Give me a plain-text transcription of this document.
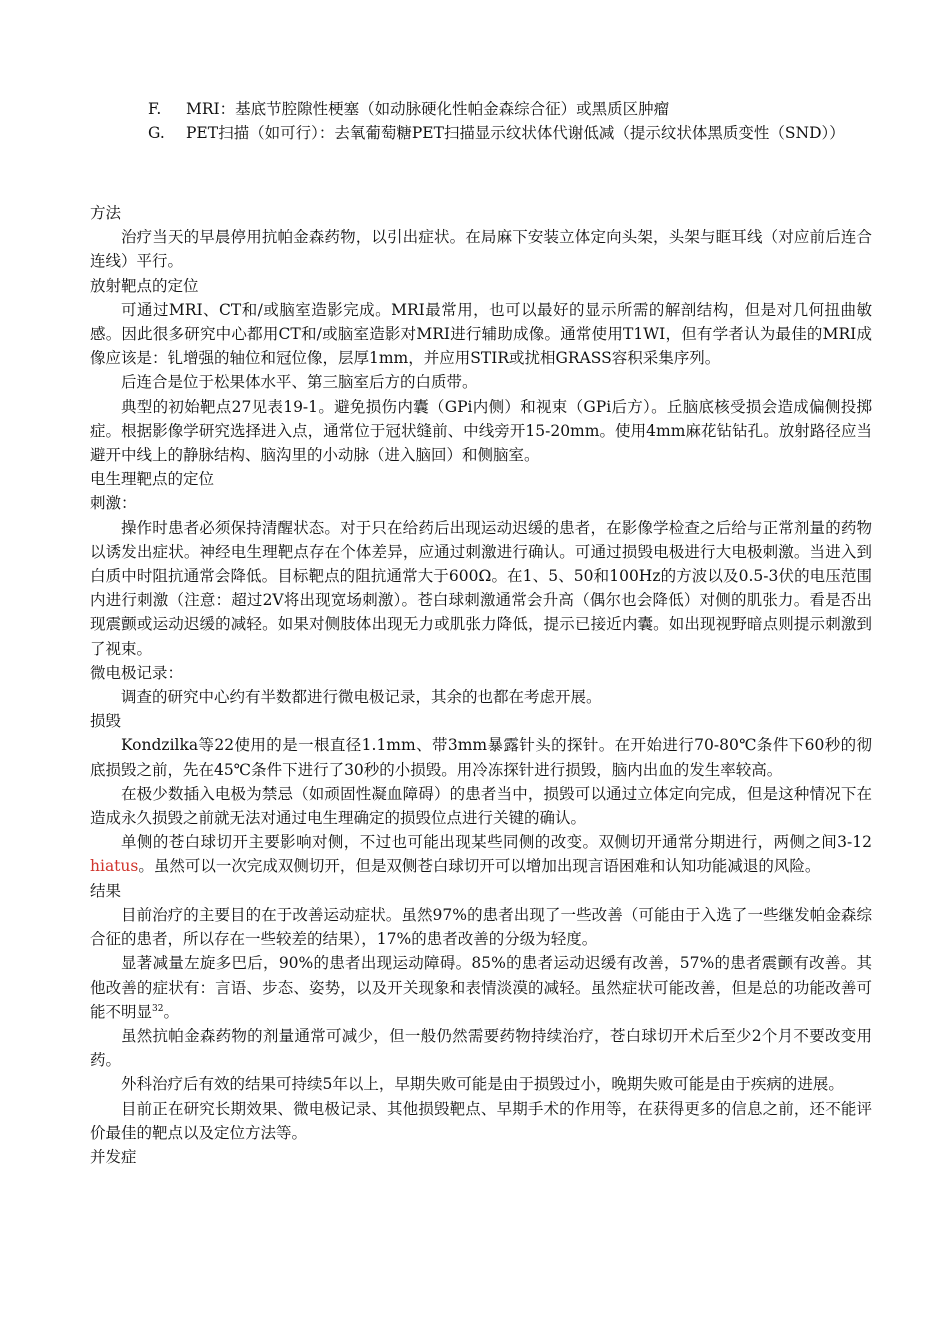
F.	MRI：基底节腔隙性梗塞（如动脉硬化性帕金森综合征）或黑质区肿瘤
G.	PET扫描（如可行）：去氧葡萄糖PET扫描显示纹状体代谢低减（提示纹状体黑质变性（SND））

方法

治疗当天的早晨停用抗帕金森药物，以引出症状。在局麻下安装立体定向头架，头架与眶耳线（对应前后连合连线）平行。

放射靶点的定位

可通过MRI、CT和/或脑室造影完成。MRI最常用，也可以最好的显示所需的解剖结构，但是对几何扭曲敏感。因此很多研究中心都用CT和/或脑室造影对MRI进行辅助成像。通常使用T1WI，但有学者认为最佳的MRI成像应该是：钆增强的轴位和冠位像，层厚1mm，并应用STIR或扰相GRASS容积采集序列。

后连合是位于松果体水平、第三脑室后方的白质带。

典型的初始靶点27见表19-1。避免损伤内囊（GPi内侧）和视束（GPi后方）。丘脑底核受损会造成偏侧投掷症。根据影像学研究选择进入点，通常位于冠状缝前、中线旁开15-20mm。使用4mm麻花钻钻孔。放射路径应当避开中线上的静脉结构、脑沟里的小动脉（进入脑回）和侧脑室。

电生理靶点的定位

刺激：

操作时患者必须保持清醒状态。对于只在给药后出现运动迟缓的患者，在影像学检查之后给与正常剂量的药物以诱发出症状。神经电生理靶点存在个体差异，应通过刺激进行确认。可通过损毁电极进行大电极刺激。当进入到白质中时阻抗通常会降低。目标靶点的阻抗通常大于600Ω。在1、5、50和100Hz的方波以及0.5-3伏的电压范围内进行刺激（注意：超过2V将出现宽场刺激）。苍白球刺激通常会升高（偶尔也会降低）对侧的肌张力。看是否出现震颤或运动迟缓的减轻。如果对侧肢体出现无力或肌张力降低，提示已接近内囊。如出现视野暗点则提示刺激到了视束。

微电极记录：

调查的研究中心约有半数都进行微电极记录，其余的也都在考虑开展。

损毁

Kondzilka等22使用的是一根直径1.1mm、带3mm暴露针头的探针。在开始进行70-80℃条件下60秒的彻底损毁之前，先在45℃条件下进行了30秒的小损毁。用冷冻探针进行损毁，脑内出血的发生率较高。

在极少数插入电极为禁忌（如顽固性凝血障碍）的患者当中，损毁可以通过立体定向完成，但是这种情况下在造成永久损毁之前就无法对通过电生理确定的损毁位点进行关键的确认。

单侧的苍白球切开主要影响对侧，不过也可能出现某些同侧的改变。双侧切开通常分期进行，两侧之间3-12 hiatus。虽然可以一次完成双侧切开，但是双侧苍白球切开可以增加出现言语困难和认知功能减退的风险。

结果

目前治疗的主要目的在于改善运动症状。虽然97%的患者出现了一些改善（可能由于入选了一些继发帕金森综合征的患者，所以存在一些较差的结果），17%的患者改善的分级为轻度。

显著减量左旋多巴后，90%的患者出现运动障碍。85%的患者运动迟缓有改善，57%的患者震颤有改善。其他改善的症状有：言语、步态、姿势，以及开关现象和表情淡漠的减轻。虽然症状可能改善，但是总的功能改善可能不明显$^{32}$。

虽然抗帕金森药物的剂量通常可减少，但一般仍然需要药物持续治疗，苍白球切开术后至少2个月不要改变用药。

外科治疗后有效的结果可持续5年以上，早期失败可能是由于损毁过小，晚期失败可能是由于疾病的进展。

目前正在研究长期效果、微电极记录、其他损毁靶点、早期手术的作用等，在获得更多的信息之前，还不能评价最佳的靶点以及定位方法等。

并发症
